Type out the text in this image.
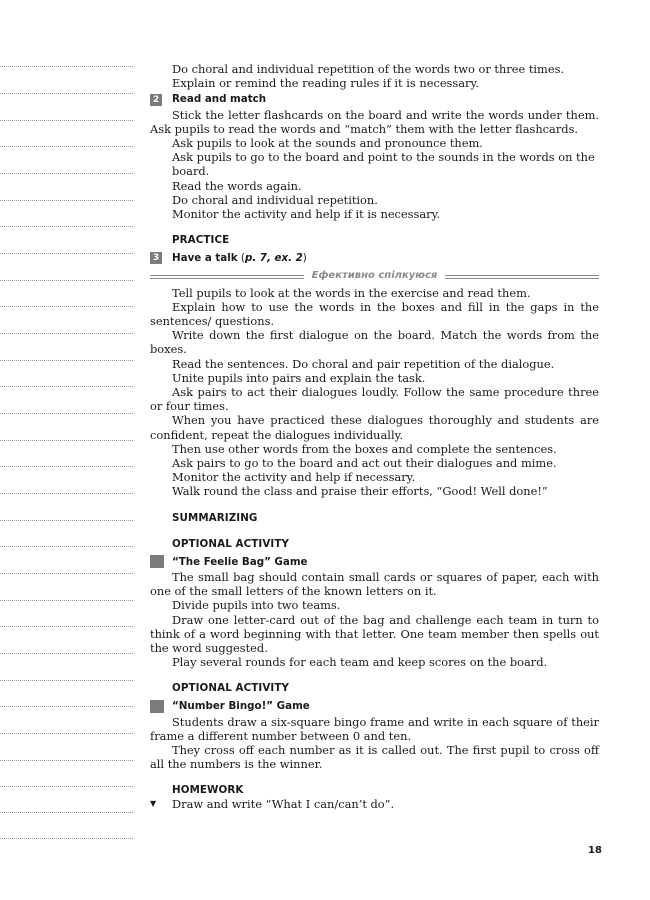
Do choral and individual repetition of the words two or three times.

Explain or remind the reading rules if it is necessary.

2 Read and match

Stick the letter flashcards on the board and write the words under them. Ask pupils to read the words and “match” them with the letter flashcards.

Ask pupils to look at the sounds and pronounce them.

Ask pupils to go to the board and point to the sounds in the words on the board.

Read the words again.

Do choral and individual repetition.

Monitor the activity and help if it is necessary.

PRACTICE

3 Have a talk (p. 7, ex. 2)
Ефективно спілкуюся

Tell pupils to look at the words in the exercise and read them.

Explain how to use the words in the boxes and fill in the gaps in the sentences/ questions.

Write down the first dialogue on the board. Match the words from the boxes.

Read the sentences. Do choral and pair repetition of the dialogue.

Unite pupils into pairs and explain the task.

Ask pairs to act their dialogues loudly. Follow the same procedure three or four times.

When you have practiced these dialogues thoroughly and students are confident, repeat the dialogues individually.

Then use other words from the boxes and complete the sentences.

Ask pairs to go to the board and act out their dialogues and mime.

Monitor the activity and help if necessary.

Walk round the class and praise their efforts, “Good! Well done!”

SUMMARIZING

OPTIONAL ACTIVITY

“The Feelie Bag” Game

The small bag should contain small cards or squares of paper, each with one of the small letters of the known letters on it.

Divide pupils into two teams.

Draw one letter-card out of the bag and challenge each team in turn to think of a word beginning with that letter. One team member then spells out the word suggested.

Play several rounds for each team and keep scores on the board.

OPTIONAL ACTIVITY

“Number Bingo!” Game

Students draw a six-square bingo frame and write in each square of their frame a different number between 0 and ten.

They cross off each number as it is called out. The first pupil to cross off all the numbers is the winner.

HOMEWORK

▼	Draw and write “What I can/can’t do”.
18
